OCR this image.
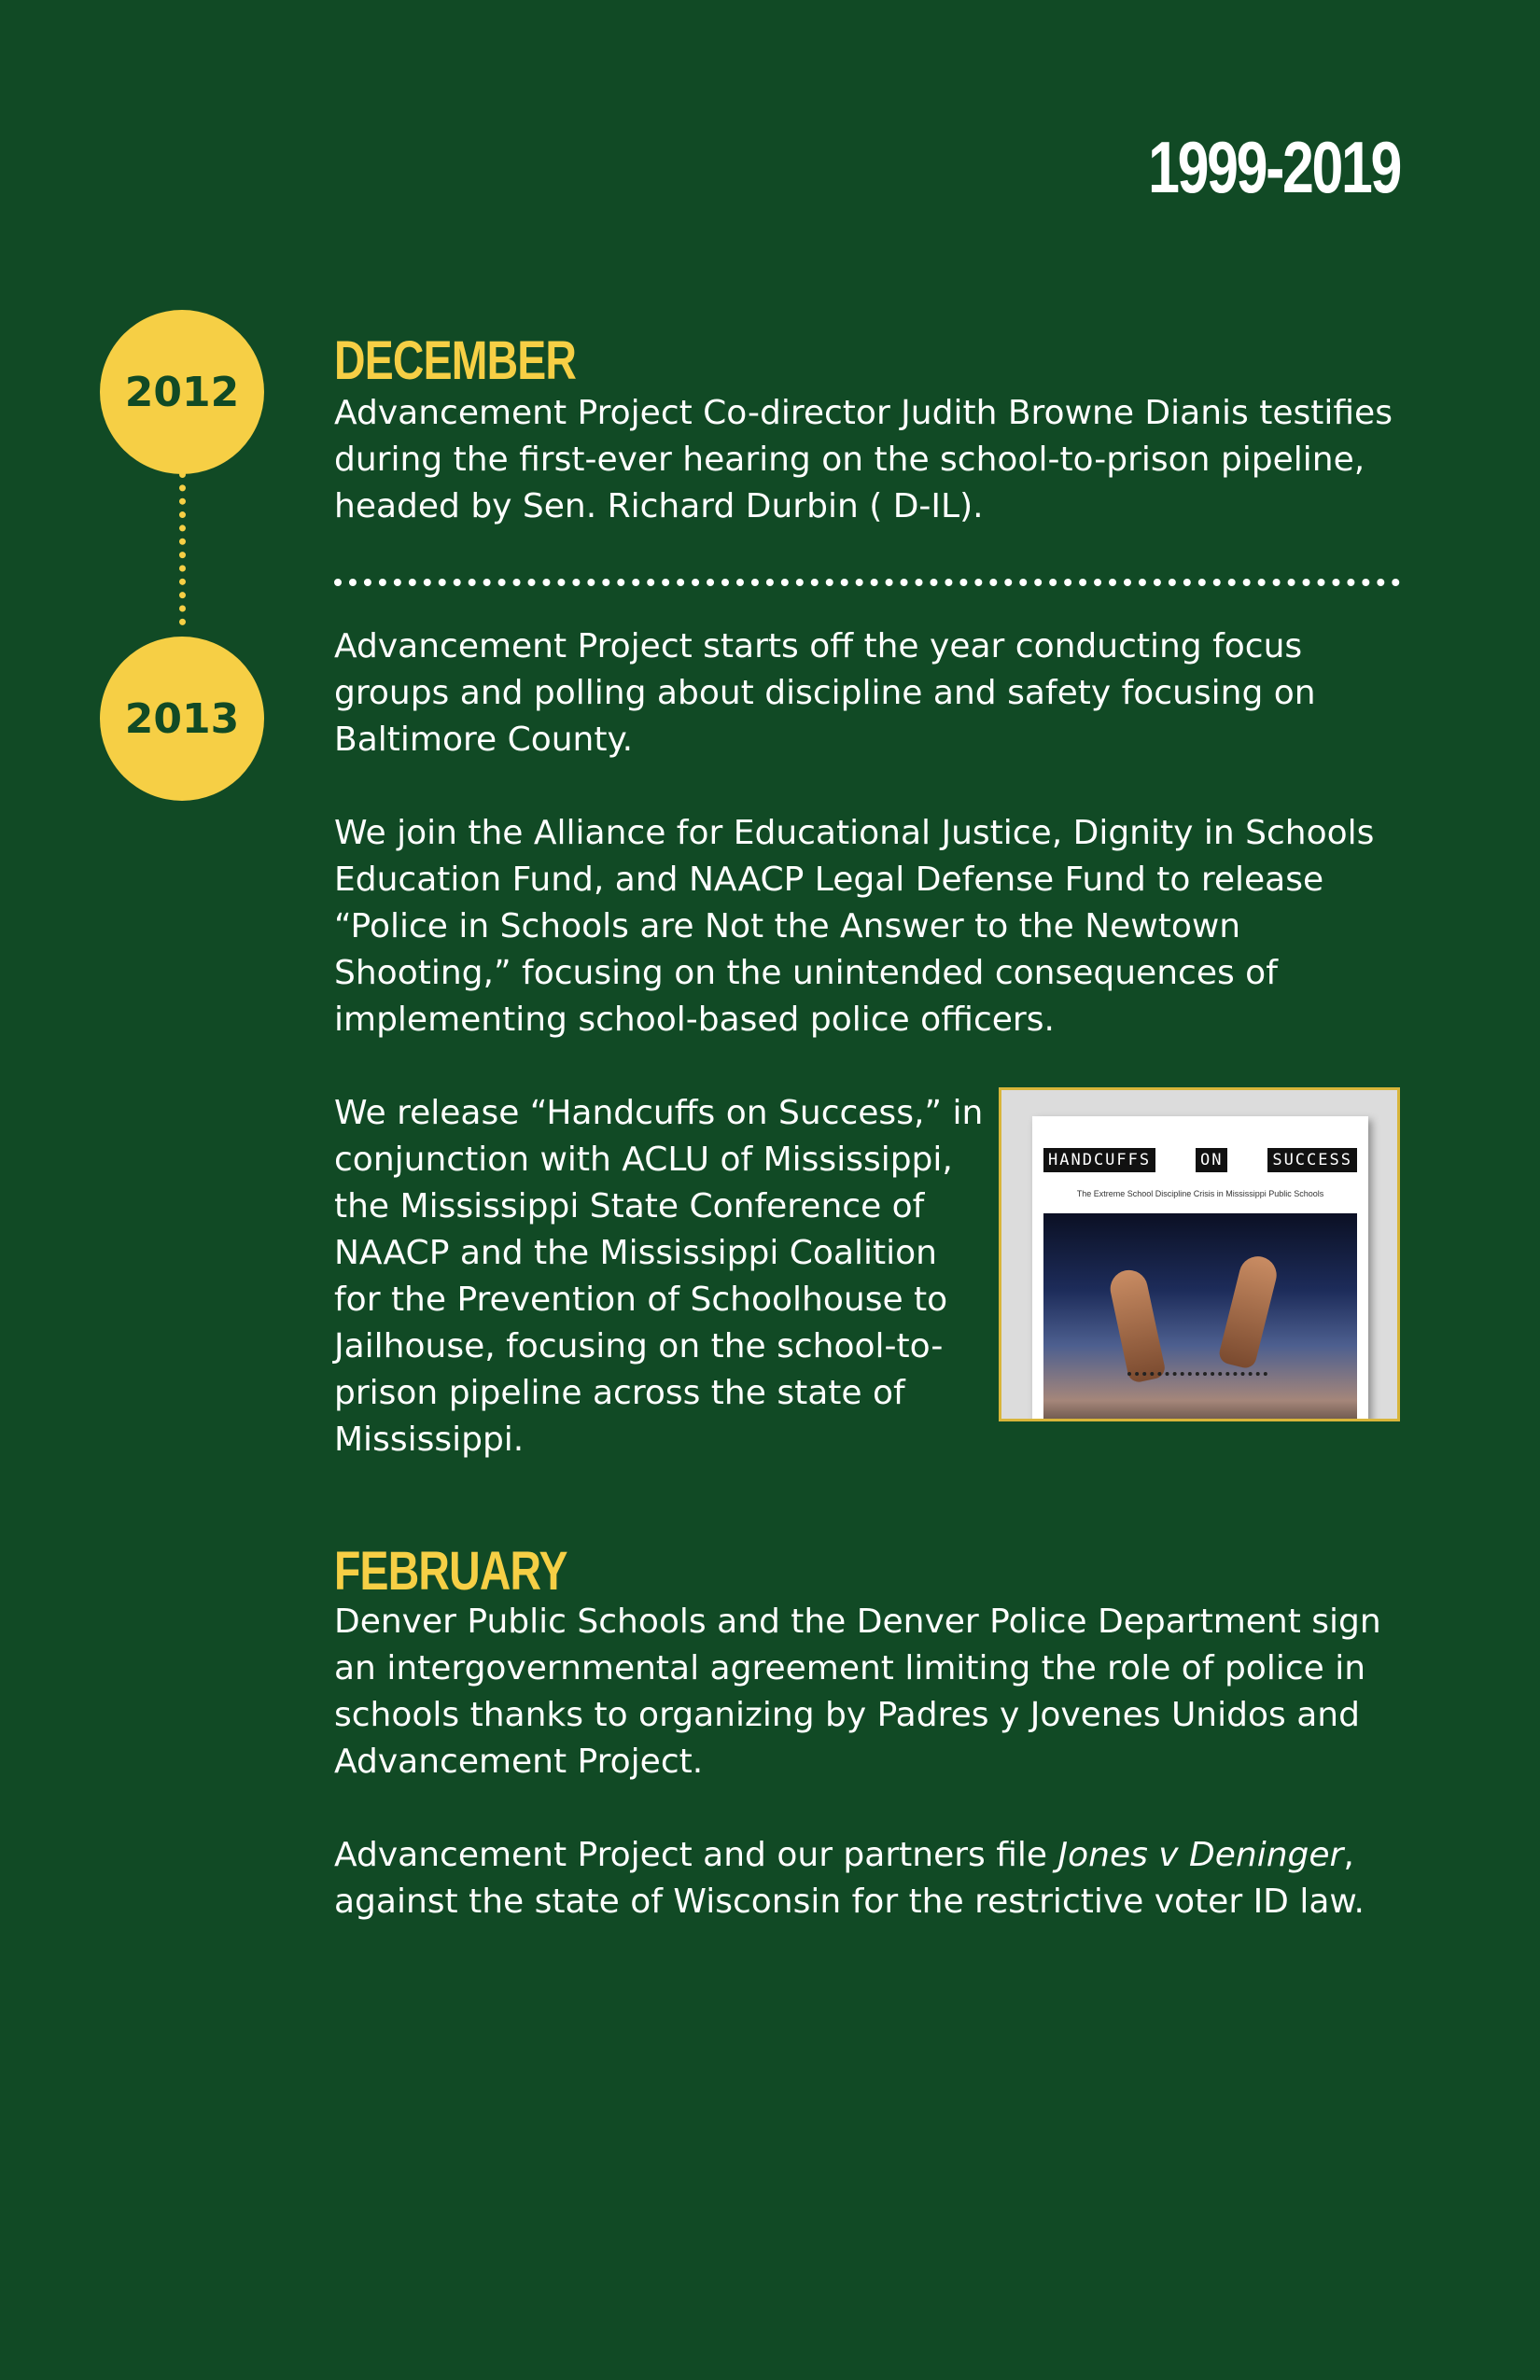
1999-2019
2012
2013
DECEMBER

Advancement Project Co-director Judith Browne Dianis testifies during the first-ever hearing on the school-to-prison pipeline, headed by Sen. Richard Durbin ( D-IL).

Advancement Project starts off the year conducting focus groups and polling about discipline and safety focusing on Baltimore County.

We join the Alliance for Educational Justice, Dignity in Schools Education Fund, and NAACP Legal Defense Fund to release “Police in Schools are Not the Answer to the Newtown Shooting,” focusing on the unintended consequences of implementing school-based police officers.

We release “Handcuffs on Success,” in conjunction with ACLU of Mississippi, the Mississippi State Conference of NAACP and the Mississippi Coalition for the Prevention of Schoolhouse to Jailhouse, focusing on the school-to-prison pipeline across the state of Mississippi.

HANDCUFFS	ON	SUCCESS
The Extreme School Discipline Crisis in Mississippi Public Schools
FEBRUARY

Denver Public Schools and the Denver Police Department sign an intergovernmental agreement limiting the role of police in schools thanks to organizing by Padres y Jovenes Unidos and Advancement Project.

Advancement Project and our partners file Jones v Deninger, against the state of Wisconsin for the restrictive voter ID law.
